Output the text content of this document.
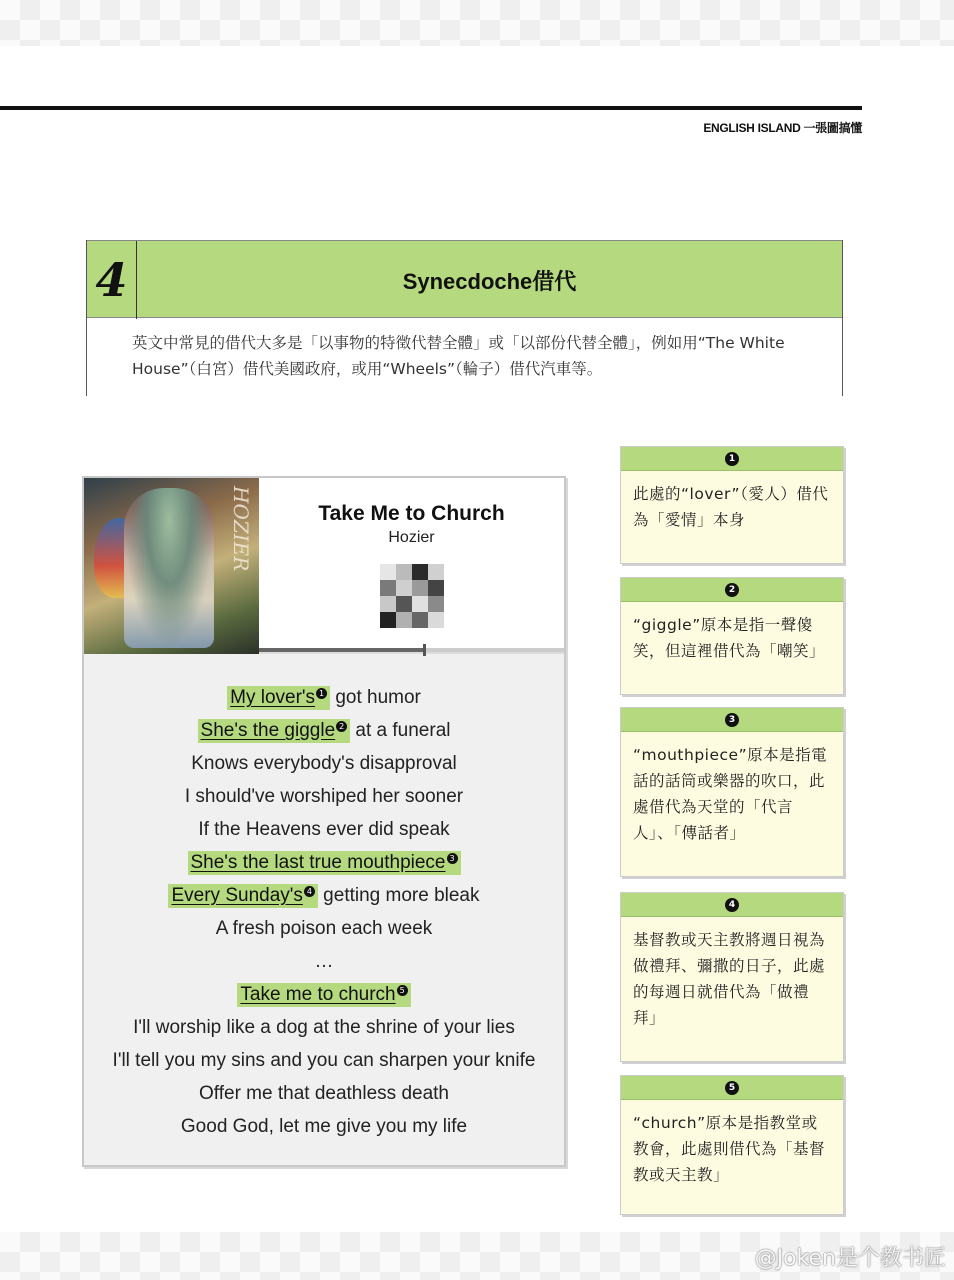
ENGLISH ISLAND 一張圖搞懂
4	Synecdoche借代
英文中常見的借代大多是「以事物的特徵代替全體」或「以部份代替全體」，例如用“The White House”（白宮）借代美國政府，或用“Wheels”（輪子）借代汽車等。
HOZIER	Take Me to Church
Hozier
My lover's 1 got humor
She's the giggle 2 at a funeral
Knows everybody's disapproval
I should've worshiped her sooner
If the Heavens ever did speak
She's the last true mouthpiece 3
Every Sunday's 4 getting more bleak
A fresh poison each week
…
Take me to church 5
I'll worship like a dog at the shrine of your lies
I'll tell you my sins and you can sharpen your knife
Offer me that deathless death
Good God, let me give you my life
1
此處的“lover”（愛人）借代為「愛情」本身
2
“giggle”原本是指一聲傻笑，但這裡借代為「嘲笑」
3
“mouthpiece”原本是指電話的話筒或樂器的吹口，此處借代為天堂的「代言人」、「傳話者」
4
基督教或天主教將週日視為做禮拜、彌撒的日子，此處的每週日就借代為「做禮拜」
5
“church”原本是指教堂或教會，此處則借代為「基督教或天主教」
@Joken是个教书匠
